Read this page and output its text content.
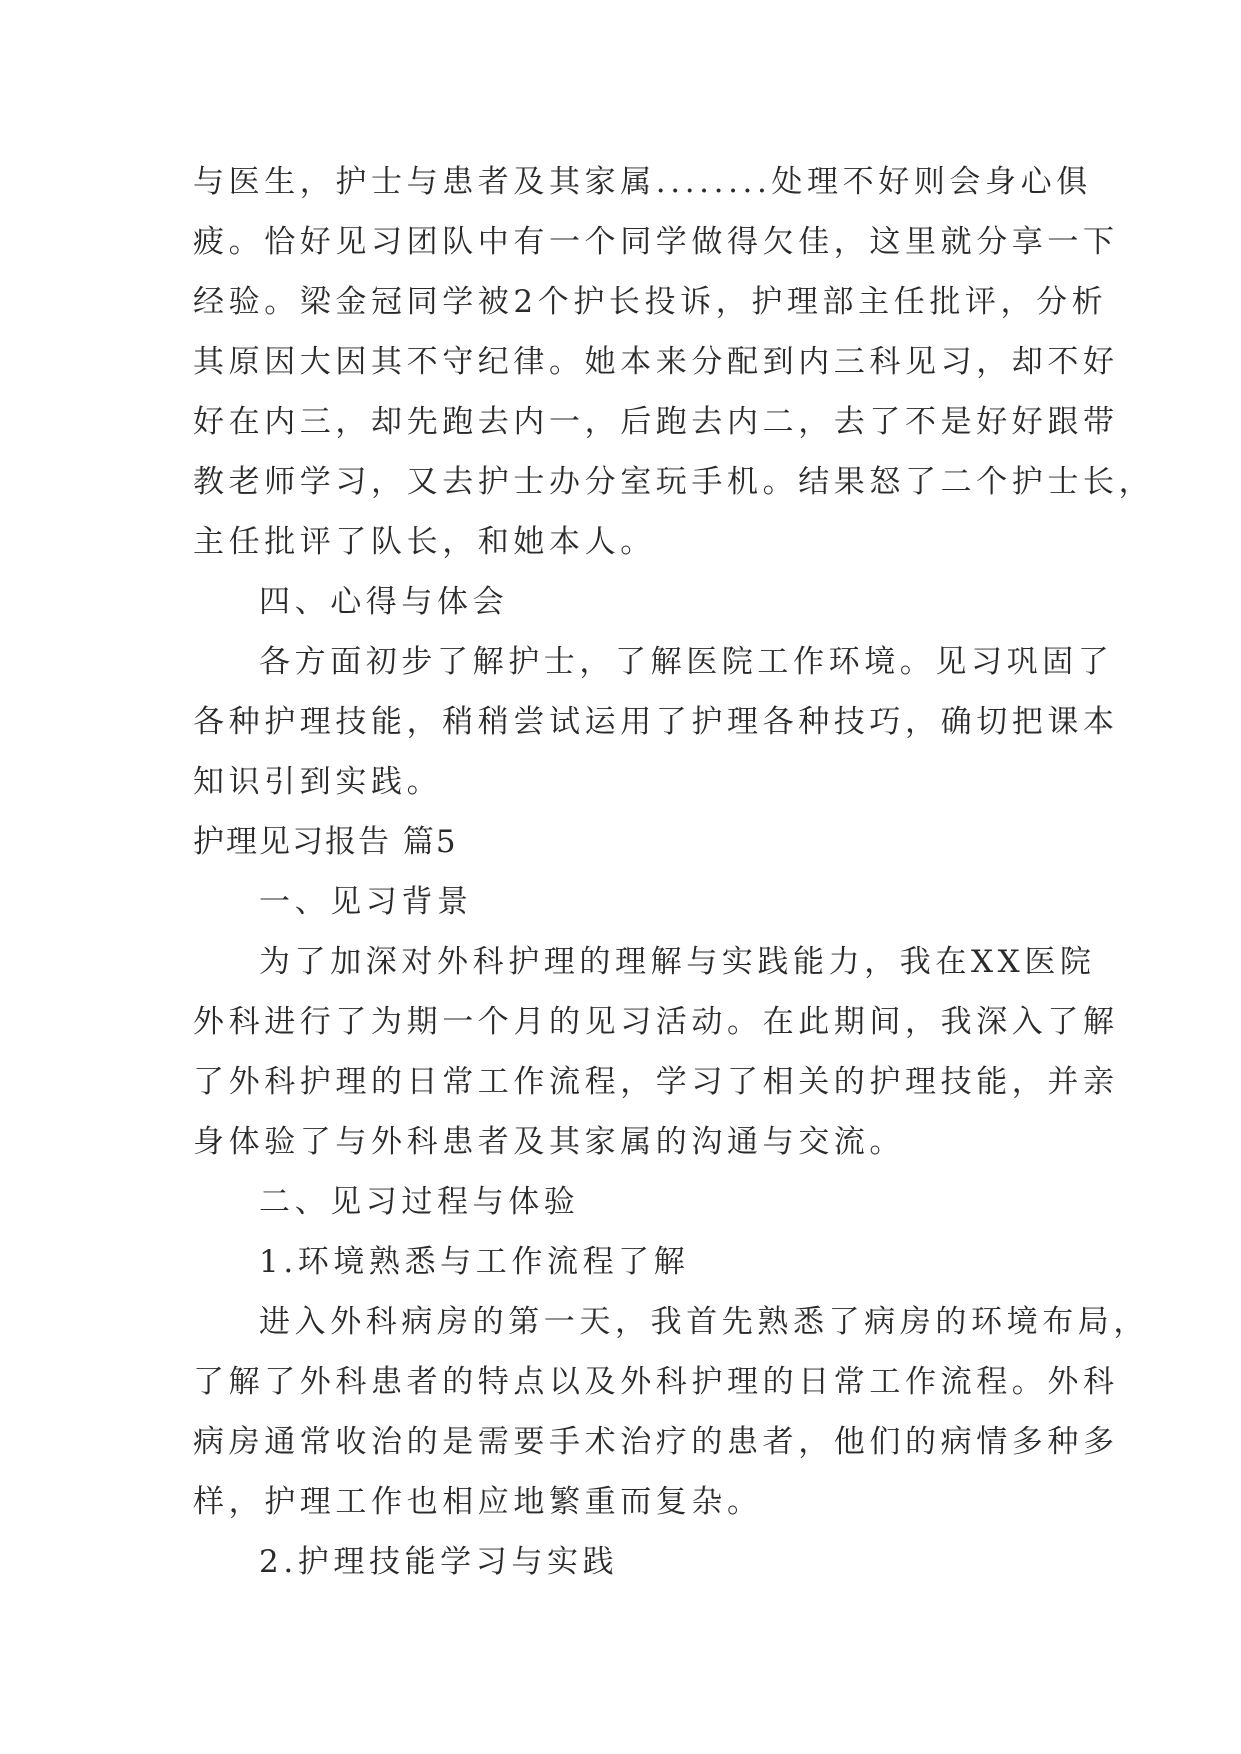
与医生，护士与患者及其家属........处理不好则会身心俱
疲。恰好见习团队中有一个同学做得欠佳，这里就分享一下
经验。梁金冠同学被2个护长投诉，护理部主任批评，分析
其原因大因其不守纪律。她本来分配到内三科见习，却不好
好在内三，却先跑去内一，后跑去内二，去了不是好好跟带
教老师学习，又去护士办分室玩手机。结果怒了二个护士长，
主任批评了队长，和她本人。
四、心得与体会
各方面初步了解护士，了解医院工作环境。见习巩固了
各种护理技能，稍稍尝试运用了护理各种技巧，确切把课本
知识引到实践。
护理见习报告 篇5
一、见习背景
为了加深对外科护理的理解与实践能力，我在XX医院
外科进行了为期一个月的见习活动。在此期间，我深入了解
了外科护理的日常工作流程，学习了相关的护理技能，并亲
身体验了与外科患者及其家属的沟通与交流。
二、见习过程与体验
1.环境熟悉与工作流程了解
进入外科病房的第一天，我首先熟悉了病房的环境布局，
了解了外科患者的特点以及外科护理的日常工作流程。外科
病房通常收治的是需要手术治疗的患者，他们的病情多种多
样，护理工作也相应地繁重而复杂。
2.护理技能学习与实践
